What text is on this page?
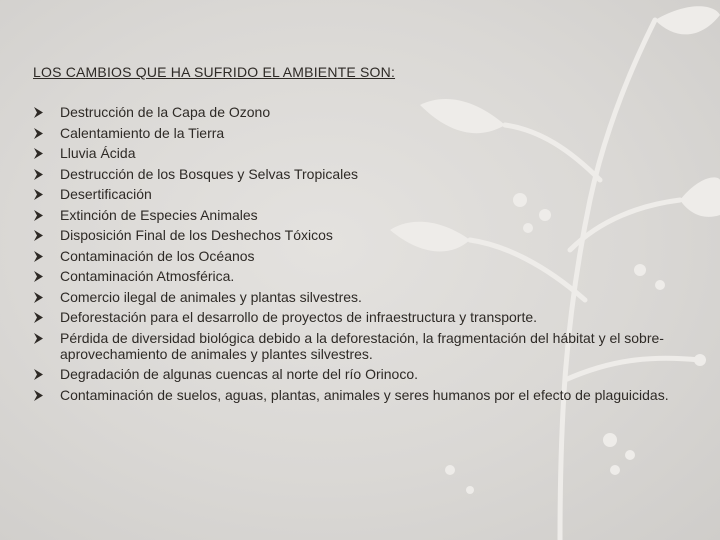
LOS CAMBIOS QUE HA SUFRIDO EL AMBIENTE SON:
Destrucción de la Capa de Ozono
Calentamiento de la Tierra
Lluvia Ácida
Destrucción de los Bosques y Selvas Tropicales
Desertificación
Extinción de Especies Animales
Disposición Final de los Deshechos Tóxicos
Contaminación de los Océanos
Contaminación Atmosférica.
Comercio ilegal de animales y plantas silvestres.
Deforestación para el desarrollo de proyectos de infraestructura y transporte.
Pérdida de diversidad biológica debido a la deforestación, la fragmentación del hábitat y el sobre-aprovechamiento de animales y plantes silvestres.
Degradación de algunas cuencas al norte del río Orinoco.
Contaminación de suelos, aguas, plantas, animales y seres humanos por el efecto de plaguicidas.
